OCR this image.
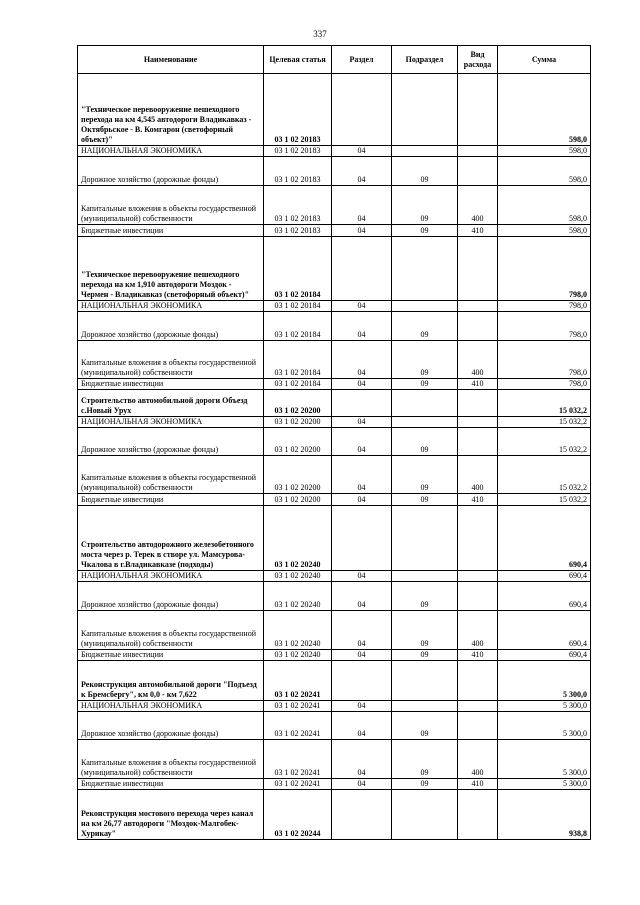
337
Наименование	Целевая статья	Раздел	Подраздел	Вид расхода	Сумма
"Техническое перевооружение пешеходного перехода на км 4,545 автодороги Владикавказ - Октябрьское - В. Комгарон (светофорный объект)"	03 1 02 20183				598,0
НАЦИОНАЛЬНАЯ ЭКОНОМИКА	03 1 02 20183	04			598,0
Дорожное хозяйство (дорожные фонды)	03 1 02 20183	04	09		598,0
Капитальные вложения в объекты государственной (муниципальной) собственности	03 1 02 20183	04	09	400	598,0
Бюджетные инвестиции	03 1 02 20183	04	09	410	598,0
"Техническое перевооружение пешеходного перехода на км 1,910 автодороги Моздок - Чермен - Владикавказ (светофорный объект)"	03 1 02 20184				798,0
НАЦИОНАЛЬНАЯ ЭКОНОМИКА	03 1 02 20184	04			798,0
Дорожное хозяйство (дорожные фонды)	03 1 02 20184	04	09		798,0
Капитальные вложения в объекты государственной (муниципальной) собственности	03 1 02 20184	04	09	400	798,0
Бюджетные инвестиции	03 1 02 20184	04	09	410	798,0
Строительство автомобильной дороги Объезд с.Новый Урух	03 1 02 20200				15 032,2
НАЦИОНАЛЬНАЯ ЭКОНОМИКА	03 1 02 20200	04			15 032,2
Дорожное хозяйство (дорожные фонды)	03 1 02 20200	04	09		15 032,2
Капитальные вложения в объекты государственной (муниципальной) собственности	03 1 02 20200	04	09	400	15 032,2
Бюджетные инвестиции	03 1 02 20200	04	09	410	15 032,2
Строительство автодорожного железобетонного моста через р. Терек в створе ул. Мамсурова-Чкалова в г.Владикавказе (подходы)	03 1 02 20240				690,4
НАЦИОНАЛЬНАЯ ЭКОНОМИКА	03 1 02 20240	04			690,4
Дорожное хозяйство (дорожные фонды)	03 1 02 20240	04	09		690,4
Капитальные вложения в объекты государственной (муниципальной) собственности	03 1 02 20240	04	09	400	690,4
Бюджетные инвестиции	03 1 02 20240	04	09	410	690,4
Реконструкция автомобильной дороги "Подъезд к Бремсбергу", км 0,0 - км 7,622	03 1 02 20241				5 300,0
НАЦИОНАЛЬНАЯ ЭКОНОМИКА	03 1 02 20241	04			5 300,0
Дорожное хозяйство (дорожные фонды)	03 1 02 20241	04	09		5 300,0
Капитальные вложения в объекты государственной (муниципальной) собственности	03 1 02 20241	04	09	400	5 300,0
Бюджетные инвестиции	03 1 02 20241	04	09	410	5 300,0
Реконструкция мостового перехода через канал на км 26,77 автодороги "Моздок-Малгобек-Хурикау"	03 1 02 20244				938,8
